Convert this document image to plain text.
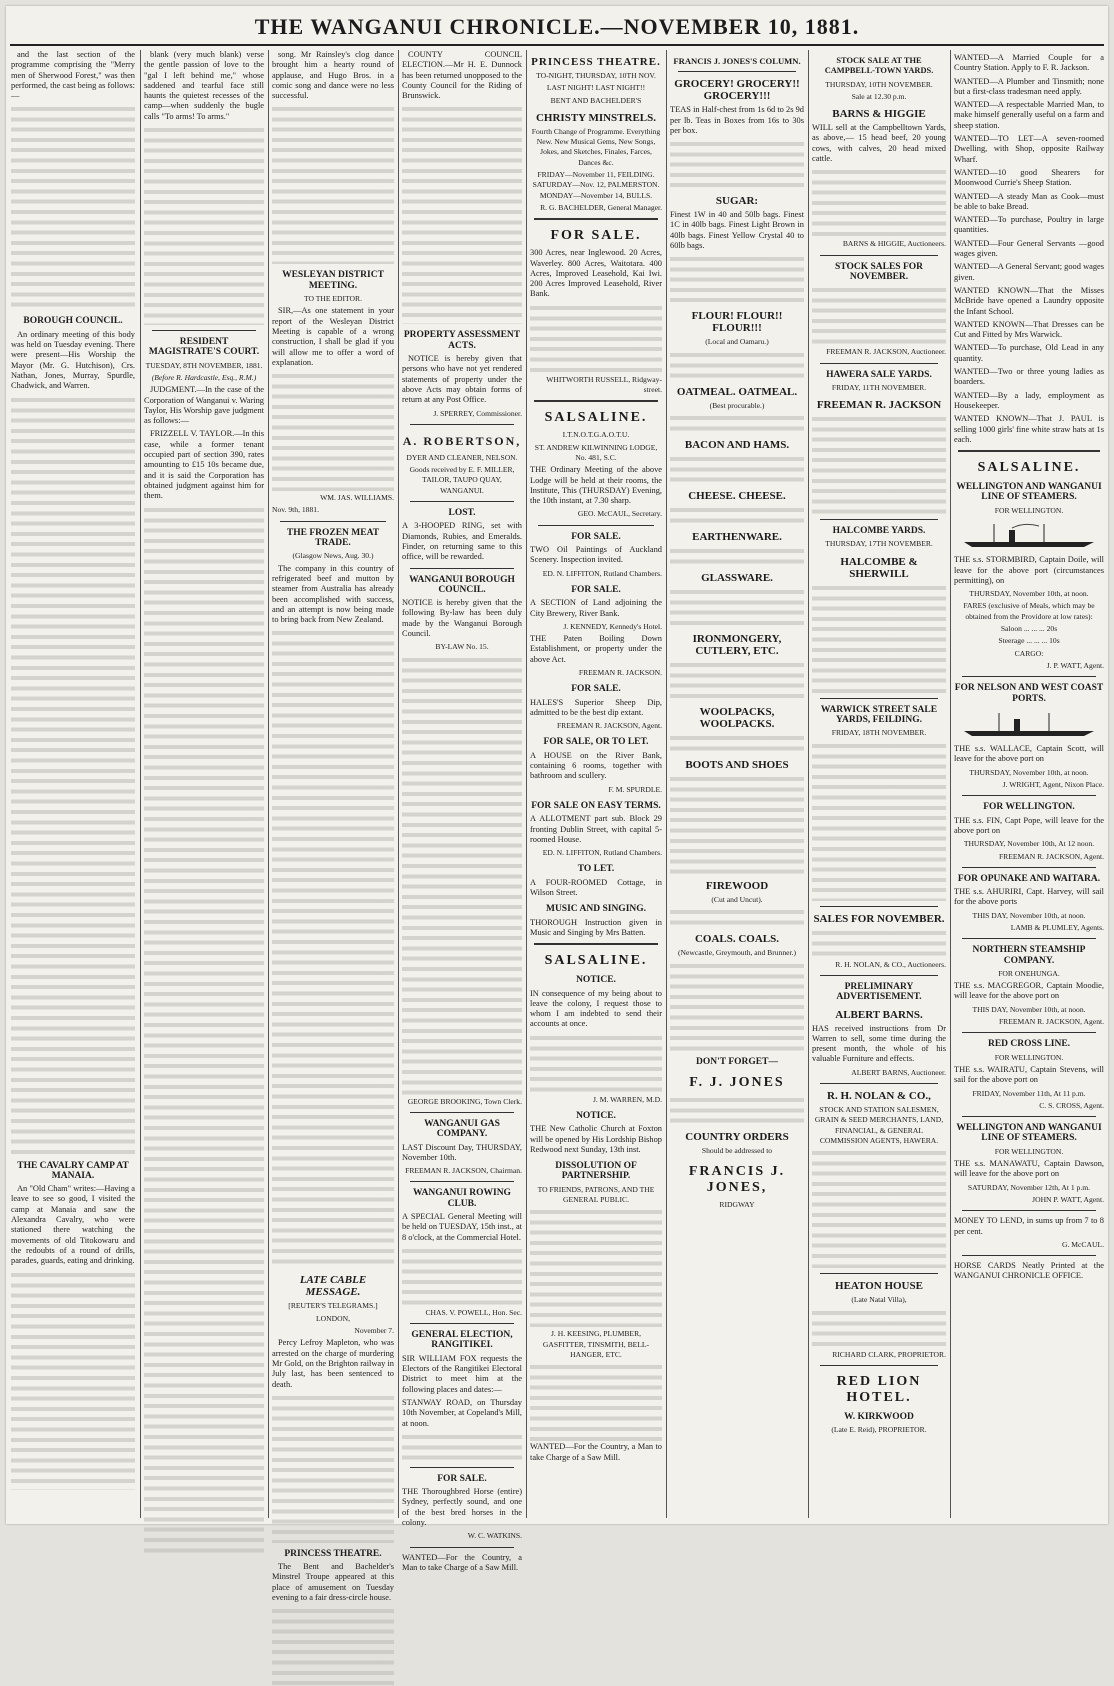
THE WANGANUI CHRONICLE.—NOVEMBER 10, 1881.

and the last section of the programme comprising the "Merry men of Sherwood Forest," was then performed, the cast being as follows:—

BOROUGH COUNCIL.

An ordinary meeting of this body was held on Tuesday evening. There were present—His Worship the Mayor (Mr. G. Hutchison), Crs. Nathan, Jones, Murray, Spurdle, Chadwick, and Warren.

THE CAVALRY CAMP AT MANAIA.

An "Old Cham" writes:—Having a leave to see so good, I visited the camp at Manaia and saw the Alexandra Cavalry, who were stationed there watching the movements of old Titokowaru and the redoubts of a round of drills, parades, guards, eating and drinking.

blank (very much blank) verse the gentle passion of love to the "gal I left behind me," whose saddened and tearful face still haunts the quietest recesses of the camp—when suddenly the bugle calls "To arms! To arms."

RESIDENT MAGISTRATE'S COURT.
TUESDAY, 8TH NOVEMBER, 1881.
(Before R. Hardcastle, Esq., R.M.)

JUDGMENT.—In the case of the Corporation of Wanganui v. Waring Taylor, His Worship gave judgment as follows:—

FRIZZELL V. TAYLOR.—In this case, while a former tenant occupied part of section 390, rates amounting to £15 10s became due, and it is said the Corporation has obtained judgment against him for them.

song. Mr Rainsley's clog dance brought him a hearty round of applause, and Hugo Bros. in a comic song and dance were no less successful.

WESLEYAN DISTRICT MEETING.
TO THE EDITOR.

SIR,—As one statement in your report of the Wesleyan District Meeting is capable of a wrong construction, I shall be glad if you will allow me to offer a word of explanation.

WM. JAS. WILLIAMS.
Nov. 9th, 1881.
THE FROZEN MEAT TRADE.
(Glasgow News, Aug. 30.)

The company in this country of refrigerated beef and mutton by steamer from Australia has already been accomplished with success, and an attempt is now being made to bring back from New Zealand.

LATE CABLE MESSAGE.
[REUTER'S TELEGRAMS.]
LONDON,
November 7.

Percy Lefroy Mapleton, who was arrested on the charge of murdering Mr Gold, on the Brighton railway in July last, has been sentenced to death.

PRINCESS THEATRE.

The Bent and Bachelder's Minstrel Troupe appeared at this place of amusement on Tuesday evening to a fair dress-circle house.

COUNTY COUNCIL ELECTION.—Mr H. E. Dunnock has been returned unopposed to the County Council for the Riding of Brunswick.

PROPERTY ASSESSMENT ACTS.

NOTICE is hereby given that persons who have not yet rendered statements of property under the above Acts may obtain forms of return at any Post Office.

J. SPERREY, Commissioner.
A. ROBERTSON,
DYER AND CLEANER, NELSON.
Goods received by E. F. MILLER, TAILOR, TAUPO QUAY, WANGANUI.
LOST.

A 3-HOOPED RING, set with Diamonds, Rubies, and Emeralds. Finder, on returning same to this office, will be rewarded.

WANGANUI BOROUGH COUNCIL.

NOTICE is hereby given that the following By-law has been duly made by the Wanganui Borough Council.

BY-LAW No. 15.
GEORGE BROOKING, Town Clerk.
WANGANUI GAS COMPANY.

LAST Discount Day, THURSDAY, November 10th.

FREEMAN R. JACKSON, Chairman.
WANGANUI ROWING CLUB.

A SPECIAL General Meeting will be held on TUESDAY, 15th inst., at 8 o'clock, at the Commercial Hotel.

CHAS. V. POWELL, Hon. Sec.
GENERAL ELECTION, RANGITIKEI.

SIR WILLIAM FOX requests the Electors of the Rangitikei Electoral District to meet him at the following places and dates:—

STANWAY ROAD, on Thursday 10th November, at Copeland's Mill, at noon.

FOR SALE.

THE Thoroughbred Horse (entire) Sydney, perfectly sound, and one of the best bred horses in the colony.

W. C. WATKINS.

WANTED—For the Country, a Man to take Charge of a Saw Mill.

PRINCESS THEATRE.
TO-NIGHT, THURSDAY, 10TH NOV.
LAST NIGHT! LAST NIGHT!!
BENT AND BACHELDER'S
CHRISTY MINSTRELS.
Fourth Change of Programme. Everything New. New Musical Gems, New Songs, Jokes, and Sketches, Finales, Farces, Dances &c.
FRIDAY—November 11, FEILDING. SATURDAY—Nov. 12, PALMERSTON. MONDAY—November 14, BULLS.
R. G. BACHELDER, General Manager.
FOR SALE.

300 Acres, near Inglewood. 20 Acres, Waverley. 800 Acres, Waitotara. 400 Acres, Improved Leasehold, Kai Iwi. 200 Acres Improved Leasehold, River Bank.

WHITWORTH RUSSELL, Ridgway-street.
SALSALINE.
I.T.N.O.T.G.A.O.T.U.
ST. ANDREW KILWINNING LODGE, No. 481, S.C.

THE Ordinary Meeting of the above Lodge will be held at their rooms, the Institute, This (THURSDAY) Evening, the 10th instant, at 7.30 sharp.

GEO. McCAUL, Secretary.
FOR SALE.

TWO Oil Paintings of Auckland Scenery. Inspection invited.

ED. N. LIFFITON, Rutland Chambers.
FOR SALE.

A SECTION of Land adjoining the City Brewery, River Bank.

J. KENNEDY, Kennedy's Hotel.

THE Paten Boiling Down Establishment, or property under the above Act.

FREEMAN R. JACKSON.
FOR SALE.

HALES'S Superior Sheep Dip, admitted to be the best dip extant.

FREEMAN R. JACKSON, Agent.
FOR SALE, OR TO LET.

A HOUSE on the River Bank, containing 6 rooms, together with bathroom and scullery.

F. M. SPURDLE.
FOR SALE ON EASY TERMS.

A ALLOTMENT part sub. Block 29 fronting Dublin Street, with capital 5-roomed House.

ED. N. LIFFITON, Rutland Chambers.
TO LET.

A FOUR-ROOMED Cottage, in Wilson Street.

MUSIC AND SINGING.

THOROUGH Instruction given in Music and Singing by Mrs Batten.

SALSALINE.
NOTICE.

IN consequence of my being about to leave the colony, I request those to whom I am indebted to send their accounts at once.

J. M. WARREN, M.D.
NOTICE.

THE New Catholic Church at Foxton will be opened by His Lordship Bishop Redwood next Sunday, 13th inst.

DISSOLUTION OF PARTNERSHIP.
TO FRIENDS, PATRONS, AND THE GENERAL PUBLIC.
J. H. KEESING, PLUMBER, GASFITTER, TINSMITH, BELL-HANGER, ETC.

WANTED—For the Country, a Man to take Charge of a Saw Mill.

FRANCIS J. JONES'S COLUMN.
GROCERY! GROCERY!! GROCERY!!!

TEAS in Half-chest from 1s 6d to 2s 9d per lb. Teas in Boxes from 16s to 30s per box.

SUGAR:

Finest 1W in 40 and 50lb bags. Finest 1C in 40lb bags. Finest Light Brown in 40lb bags. Finest Yellow Crystal 40 to 60lb bags.

FLOUR! FLOUR!! FLOUR!!!
(Local and Oamaru.)
OATMEAL. OATMEAL.
(Best procurable.)
BACON AND HAMS.
CHEESE. CHEESE.
EARTHENWARE.
GLASSWARE.
IRONMONGERY, CUTLERY, ETC.
WOOLPACKS, WOOLPACKS.
BOOTS AND SHOES
FIREWOOD
(Cut and Uncut).
COALS. COALS.
(Newcastle, Greymouth, and Brunner.)
DON'T FORGET—
F. J. JONES
COUNTRY ORDERS
Should be addressed to
FRANCIS J. JONES,
RIDGWAY
STOCK SALE AT THE CAMPBELL-TOWN YARDS.
THURSDAY, 10TH NOVEMBER.
Sale at 12.30 p.m.
BARNS & HIGGIE

WILL sell at the Campbelltown Yards, as above,— 15 head beef, 20 young cows, with calves, 20 head mixed cattle.

BARNS & HIGGIE, Auctioneers.
STOCK SALES FOR NOVEMBER.
FREEMAN R. JACKSON, Auctioneer.
HAWERA SALE YARDS.
FRIDAY, 11TH NOVEMBER.
FREEMAN R. JACKSON
HALCOMBE YARDS.
THURSDAY, 17TH NOVEMBER.
HALCOMBE & SHERWILL
WARWICK STREET SALE YARDS, FEILDING.
FRIDAY, 18TH NOVEMBER.
SALES FOR NOVEMBER.
R. H. NOLAN, & CO., Auctioneers.
PRELIMINARY ADVERTISEMENT.
ALBERT BARNS.

HAS received instructions from Dr Warren to sell, some time during the present month, the whole of his valuable Furniture and effects.

ALBERT BARNS, Auctioneer.
R. H. NOLAN & CO.,
STOCK AND STATION SALESMEN, GRAIN & SEED MERCHANTS, LAND, FINANCIAL, & GENERAL COMMISSION AGENTS, HAWERA.
HEATON HOUSE
(Late Natal Villa),
RICHARD CLARK, PROPRIETOR.
RED LION HOTEL.
W. KIRKWOOD
(Late E. Reid), PROPRIETOR.

WANTED—A Married Couple for a Country Station. Apply to F. R. Jackson.

WANTED—A Plumber and Tinsmith; none but a first-class tradesman need apply.

WANTED—A respectable Married Man, to make himself generally useful on a farm and sheep station.

WANTED—TO LET—A seven-roomed Dwelling, with Shop, opposite Railway Wharf.

WANTED—10 good Shearers for Moonwood Currie's Sheep Station.

WANTED—A steady Man as Cook—must be able to bake Bread.

WANTED—To purchase, Poultry in large quantities.

WANTED—Four General Servants —good wages given.

WANTED—A General Servant; good wages given.

WANTED KNOWN—That the Misses McBride have opened a Laundry opposite the Infant School.

WANTED KNOWN—That Dresses can be Cut and Fitted by Mrs Warwick.

WANTED—To purchase, Old Lead in any quantity.

WANTED—Two or three young ladies as boarders.

WANTED—By a lady, employment as Housekeeper.

WANTED KNOWN—That J. PAUL is selling 1000 girls' fine white straw hats at 1s each.

SALSALINE.
WELLINGTON AND WANGANUI LINE OF STEAMERS.
FOR WELLINGTON.

THE s.s. STORMBIRD, Captain Doile, will leave for the above port (circumstances permitting), on

THURSDAY, November 10th, at noon.
FARES (exclusive of Meals, which may be obtained from the Providore at low rates):
Saloon ... ... ... 20s
Steerage ... ... ... 10s
CARGO:
J. P. WATT, Agent.
FOR NELSON AND WEST COAST PORTS.

THE s.s. WALLACE, Captain Scott, will leave for the above port on

THURSDAY, November 10th, at noon.
J. WRIGHT, Agent, Nixon Place.
FOR WELLINGTON.

THE s.s. FIN, Capt Pope, will leave for the above port on

THURSDAY, November 10th, At 12 noon.
FREEMAN R. JACKSON, Agent.
FOR OPUNAKE AND WAITARA.

THE s.s. AHURIRI, Capt. Harvey, will sail for the above ports

THIS DAY, November 10th, at noon.
LAMB & PLUMLEY, Agents.
NORTHERN STEAMSHIP COMPANY.
FOR ONEHUNGA.

THE s.s. MACGREGOR, Captain Moodie, will leave for the above port on

THIS DAY, November 10th, at noon.
FREEMAN R. JACKSON, Agent.
RED CROSS LINE.
FOR WELLINGTON.

THE s.s. WAIRATU, Captain Stevens, will sail for the above port on

FRIDAY, November 11th, At 11 p.m.
C. S. CROSS, Agent.
WELLINGTON AND WANGANUI LINE OF STEAMERS.
FOR WELLINGTON.

THE s.s. MANAWATU, Captain Dawson, will leave for the above port on

SATURDAY, November 12th, At 1 p.m.
JOHN P. WATT, Agent.

MONEY TO LEND, in sums up from 7 to 8 per cent.

G. McCAUL.

HORSE CARDS Neatly Printed at the WANGANUI CHRONICLE OFFICE.
